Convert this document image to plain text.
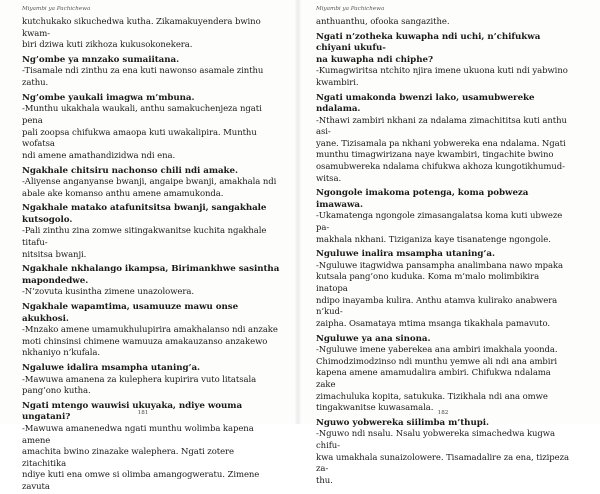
Miyambi ya Pachichewa

kutchukako sikuchedwa kutha. Zikamakuyendera bwino kwam-

biri dziwa kuti zikhoza kukusokonekera.

Ng’ombe ya mnzako sumaiitana.

-Tisamale ndi zinthu za ena kuti nawonso asamale zinthu zathu.

Ng’ombe yaukali imagwa m’mbuna.

-Munthu ukakhala waukali, anthu samakuchenjeza ngati pena

pali zoopsa chifukwa amaopa kuti uwakalipira. Munthu wofatsa

ndi amene amathandizidwa ndi ena.

Ngakhale chitsiru nachonso chili ndi amake.

-Aliyense anganyanse bwanji, angaipe bwanji, amakhala ndi

abale ake komanso anthu amene amamukonda.

Ngakhale matako atafunitsitsa bwanji, sangakhale kutsogolo.

-Pali zinthu zina zomwe sitingakwanitse kuchita ngakhale titafu-

nitsitsa bwanji.

Ngakhale nkhalango ikampsa, Birimankhwe sasintha

mapondedwe.

-N’zovuta kusintha zimene unazolowera.

Ngakhale wapamtima, usamuuze mawu onse akukhosi.

-Mnzako amene umamukhulupirira amakhalanso ndi anzake

moti chinsinsi chimene wamuuza amakauzanso anzakewo

nkhaniyo n’kufala.

Ngaluwe idalira msampha utaning’a.

-Mawuwa amanena za kulephera kupirira vuto litatsala

pang’ono kutha.

Ngati mtengo wauwisi ukuyaka, ndiye wouma ungatani?

-Mawuwa amanenedwa ngati munthu wolimba kapena amene

amachita bwino zinazake walephera. Ngati zotere zitachitika

ndiye kuti ena omwe si olimba amangogweratu. Zimene zavuta

181
Miyambi ya Pachichewa

anthuanthu, ofooka sangazithe.

Ngati n’zotheka kuwapha ndi uchi, n’chifukwa chiyani ukufu-

na kuwapha ndi chiphe?

-Kumagwiritsa ntchito njira imene ukuona kuti ndi yabwino

kwambiri.

Ngati umakonda bwenzi lako, usamubwereke ndalama.

-Nthawi zambiri nkhani za ndalama zimachititsa kuti anthu asi-

yane. Tizisamala pa nkhani yobwereka ena ndalama. Ngati

munthu timagwirizana naye kwambiri, tingachite bwino

osamubwereka ndalama chifukwa akhoza kungotikhumud-

witsa.

Ngongole imakoma potenga, koma pobweza imawawa.

-Ukamatenga ngongole zimasangalatsa koma kuti ubweze pa-

makhala nkhani. Tiziganiza kaye tisanatenge ngongole.

Nguluwe inalira msampha utaning’a.

-Nguluwe itagwidwa pansampha analimbana nawo mpaka

kutsala pang’ono kuduka. Koma m’malo molimbikira inatopa

ndipo inayamba kulira. Anthu atamva kulirako anabwera n’kud-

zaipha. Osamataya mtima msanga tikakhala pamavuto.

Nguluwe ya ana sinona.

-Nguluwe imene yaberekea ana ambiri imakhala yoonda.

Chimodzimodzinso ndi munthu yemwe ali ndi ana ambiri

kapena amene amamudalira ambiri. Chifukwa ndalama zake

zimachuluka kopita, satukuka. Tizikhala ndi ana omwe

tingakwanitse kuwasamala.

Nguwo yobwereka siilimba m’thupi.

-Nguwo ndi nsalu. Nsalu yobwereka simachedwa kugwa chifu-

kwa umakhala sunaizolowere. Tisamadalire za ena, tizipeza za-

thu.

182
